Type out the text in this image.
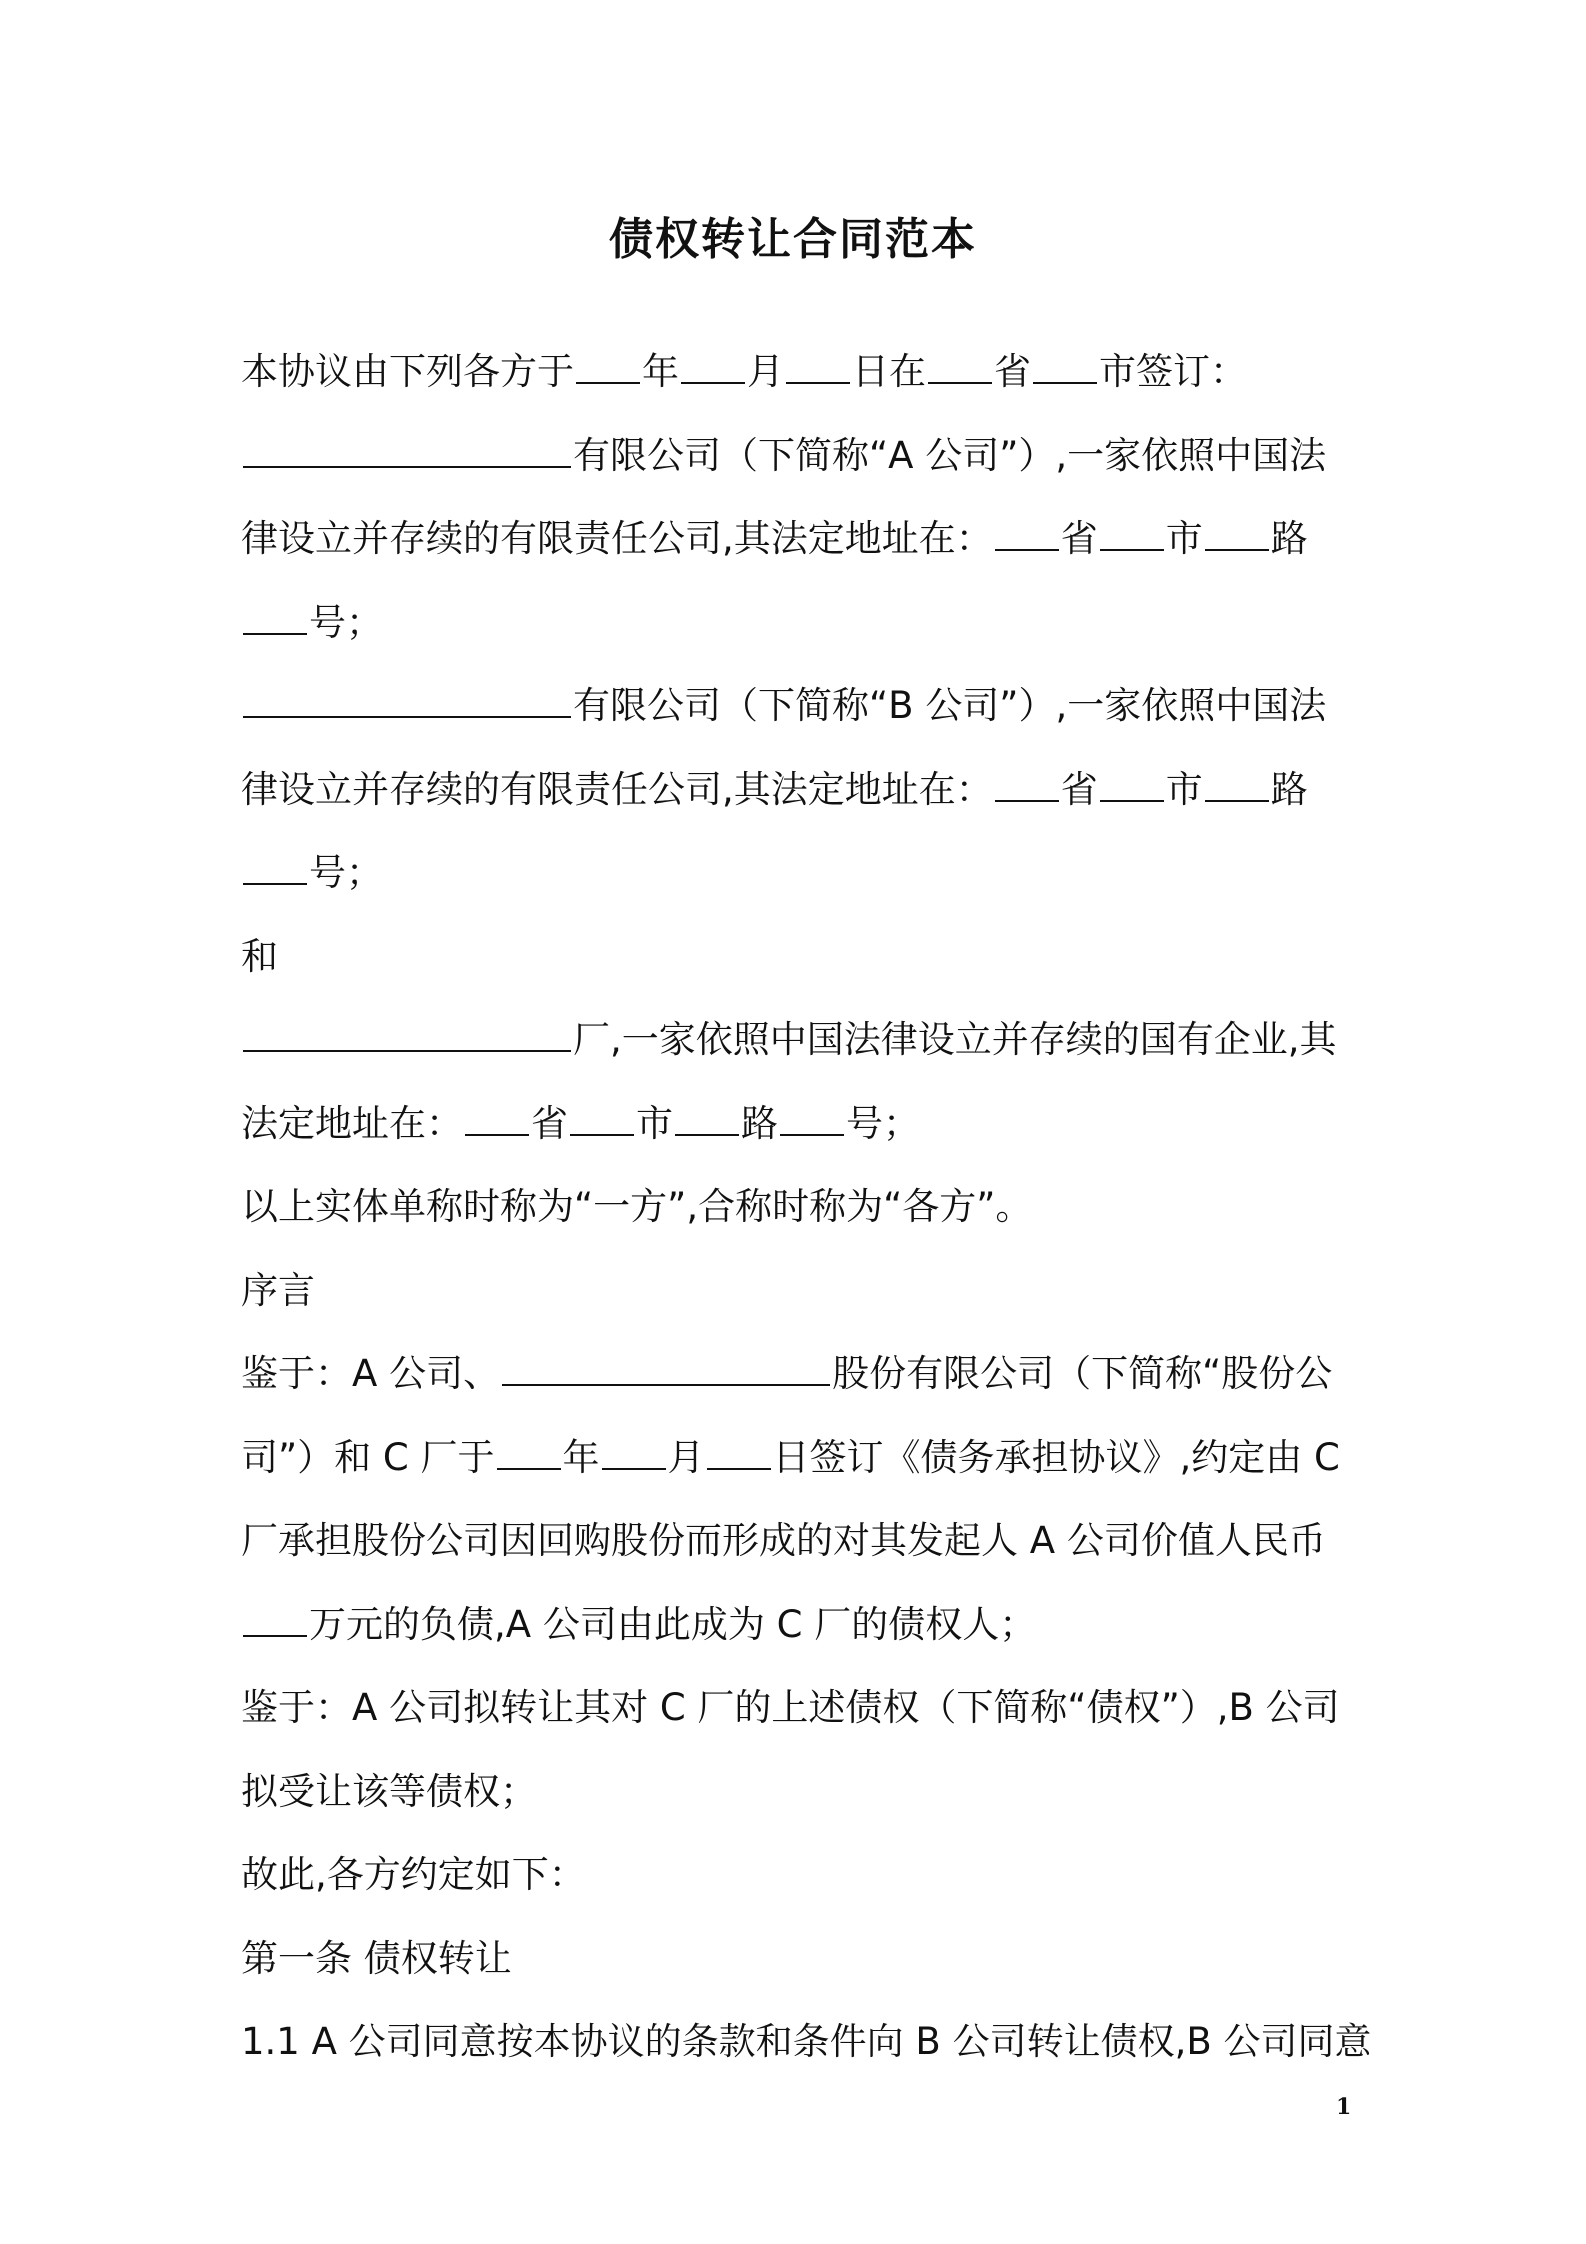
债权转让合同范本
本协议由下列各方于 年 月 日在 省 市签订：
有限公司（下简称“A 公司”）,一家依照中国法
律设立并存续的有限责任公司,其法定地址在： 省 市 路
号；
有限公司（下简称“B 公司”）,一家依照中国法
律设立并存续的有限责任公司,其法定地址在： 省 市 路
号；
和
厂,一家依照中国法律设立并存续的国有企业,其
法定地址在： 省 市 路 号；
以上实体单称时称为“一方”,合称时称为“各方”。
序言
鉴于：A 公司、	股份有限公司（下简称“股份公
司”）和 C 厂于 年 月 日签订《债务承担协议》,约定由 C
厂承担股份公司因回购股份而形成的对其发起人 A 公司价值人民币
万元的负债,A 公司由此成为 C 厂的债权人；
鉴于：A 公司拟转让其对 C 厂的上述债权（下简称“债权”）,B 公司
拟受让该等债权；
故此,各方约定如下：
第一条 债权转让
1.1 A 公司同意按本协议的条款和条件向 B 公司转让债权,B 公司同意
1
